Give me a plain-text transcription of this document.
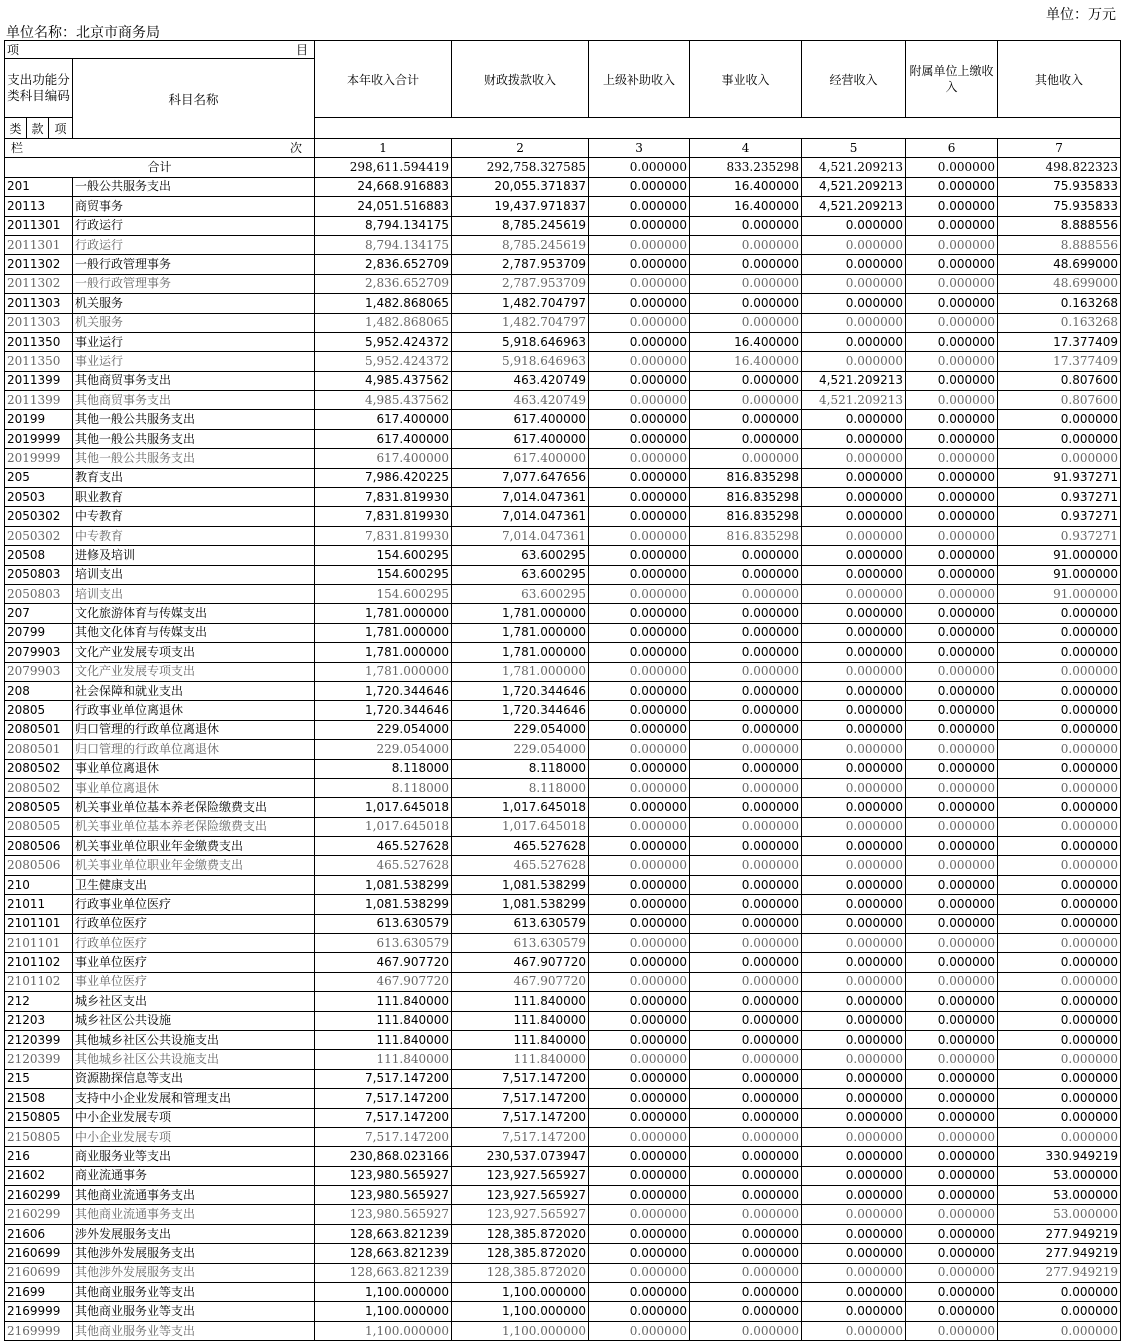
单位：万元
单位名称：北京市商务局
项 目				本年收入合计	财政拨款收入	上级补助收入	事业收入	经营收入	附属单位上缴收入	其他收入
支出功能分类科目编码			科目名称							
类	款	项								

栏 次				1	2	3	4	5	6	7
合计				298,611.594419	292,758.327585	0.000000	833.235298	4,521.209213	0.000000	498.822323
201			一般公共服务支出	24,668.916883	20,055.371837	0.000000	16.400000	4,521.209213	0.000000	75.935833
20113			商贸事务	24,051.516883	19,437.971837	0.000000	16.400000	4,521.209213	0.000000	75.935833
2011301			行政运行	8,794.134175	8,785.245619	0.000000	0.000000	0.000000	0.000000	8.888556
2011301			行政运行	8,794.134175	8,785.245619	0.000000	0.000000	0.000000	0.000000	8.888556
2011302			一般行政管理事务	2,836.652709	2,787.953709	0.000000	0.000000	0.000000	0.000000	48.699000
2011302			一般行政管理事务	2,836.652709	2,787.953709	0.000000	0.000000	0.000000	0.000000	48.699000
2011303			机关服务	1,482.868065	1,482.704797	0.000000	0.000000	0.000000	0.000000	0.163268
2011303			机关服务	1,482.868065	1,482.704797	0.000000	0.000000	0.000000	0.000000	0.163268
2011350			事业运行	5,952.424372	5,918.646963	0.000000	16.400000	0.000000	0.000000	17.377409
2011350			事业运行	5,952.424372	5,918.646963	0.000000	16.400000	0.000000	0.000000	17.377409
2011399			其他商贸事务支出	4,985.437562	463.420749	0.000000	0.000000	4,521.209213	0.000000	0.807600
2011399			其他商贸事务支出	4,985.437562	463.420749	0.000000	0.000000	4,521.209213	0.000000	0.807600
20199			其他一般公共服务支出	617.400000	617.400000	0.000000	0.000000	0.000000	0.000000	0.000000
2019999			其他一般公共服务支出	617.400000	617.400000	0.000000	0.000000	0.000000	0.000000	0.000000
2019999			其他一般公共服务支出	617.400000	617.400000	0.000000	0.000000	0.000000	0.000000	0.000000
205			教育支出	7,986.420225	7,077.647656	0.000000	816.835298	0.000000	0.000000	91.937271
20503			职业教育	7,831.819930	7,014.047361	0.000000	816.835298	0.000000	0.000000	0.937271
2050302			中专教育	7,831.819930	7,014.047361	0.000000	816.835298	0.000000	0.000000	0.937271
2050302			中专教育	7,831.819930	7,014.047361	0.000000	816.835298	0.000000	0.000000	0.937271
20508			进修及培训	154.600295	63.600295	0.000000	0.000000	0.000000	0.000000	91.000000
2050803			培训支出	154.600295	63.600295	0.000000	0.000000	0.000000	0.000000	91.000000
2050803			培训支出	154.600295	63.600295	0.000000	0.000000	0.000000	0.000000	91.000000
207			文化旅游体育与传媒支出	1,781.000000	1,781.000000	0.000000	0.000000	0.000000	0.000000	0.000000
20799			其他文化体育与传媒支出	1,781.000000	1,781.000000	0.000000	0.000000	0.000000	0.000000	0.000000
2079903			文化产业发展专项支出	1,781.000000	1,781.000000	0.000000	0.000000	0.000000	0.000000	0.000000
2079903			文化产业发展专项支出	1,781.000000	1,781.000000	0.000000	0.000000	0.000000	0.000000	0.000000
208			社会保障和就业支出	1,720.344646	1,720.344646	0.000000	0.000000	0.000000	0.000000	0.000000
20805			行政事业单位离退休	1,720.344646	1,720.344646	0.000000	0.000000	0.000000	0.000000	0.000000
2080501			归口管理的行政单位离退休	229.054000	229.054000	0.000000	0.000000	0.000000	0.000000	0.000000
2080501			归口管理的行政单位离退休	229.054000	229.054000	0.000000	0.000000	0.000000	0.000000	0.000000
2080502			事业单位离退休	8.118000	8.118000	0.000000	0.000000	0.000000	0.000000	0.000000
2080502			事业单位离退休	8.118000	8.118000	0.000000	0.000000	0.000000	0.000000	0.000000
2080505			机关事业单位基本养老保险缴费支出	1,017.645018	1,017.645018	0.000000	0.000000	0.000000	0.000000	0.000000
2080505			机关事业单位基本养老保险缴费支出	1,017.645018	1,017.645018	0.000000	0.000000	0.000000	0.000000	0.000000
2080506			机关事业单位职业年金缴费支出	465.527628	465.527628	0.000000	0.000000	0.000000	0.000000	0.000000
2080506			机关事业单位职业年金缴费支出	465.527628	465.527628	0.000000	0.000000	0.000000	0.000000	0.000000
210			卫生健康支出	1,081.538299	1,081.538299	0.000000	0.000000	0.000000	0.000000	0.000000
21011			行政事业单位医疗	1,081.538299	1,081.538299	0.000000	0.000000	0.000000	0.000000	0.000000
2101101			行政单位医疗	613.630579	613.630579	0.000000	0.000000	0.000000	0.000000	0.000000
2101101			行政单位医疗	613.630579	613.630579	0.000000	0.000000	0.000000	0.000000	0.000000
2101102			事业单位医疗	467.907720	467.907720	0.000000	0.000000	0.000000	0.000000	0.000000
2101102			事业单位医疗	467.907720	467.907720	0.000000	0.000000	0.000000	0.000000	0.000000
212			城乡社区支出	111.840000	111.840000	0.000000	0.000000	0.000000	0.000000	0.000000
21203			城乡社区公共设施	111.840000	111.840000	0.000000	0.000000	0.000000	0.000000	0.000000
2120399			其他城乡社区公共设施支出	111.840000	111.840000	0.000000	0.000000	0.000000	0.000000	0.000000
2120399			其他城乡社区公共设施支出	111.840000	111.840000	0.000000	0.000000	0.000000	0.000000	0.000000
215			资源勘探信息等支出	7,517.147200	7,517.147200	0.000000	0.000000	0.000000	0.000000	0.000000
21508			支持中小企业发展和管理支出	7,517.147200	7,517.147200	0.000000	0.000000	0.000000	0.000000	0.000000
2150805			中小企业发展专项	7,517.147200	7,517.147200	0.000000	0.000000	0.000000	0.000000	0.000000
2150805			中小企业发展专项	7,517.147200	7,517.147200	0.000000	0.000000	0.000000	0.000000	0.000000
216			商业服务业等支出	230,868.023166	230,537.073947	0.000000	0.000000	0.000000	0.000000	330.949219
21602			商业流通事务	123,980.565927	123,927.565927	0.000000	0.000000	0.000000	0.000000	53.000000
2160299			其他商业流通事务支出	123,980.565927	123,927.565927	0.000000	0.000000	0.000000	0.000000	53.000000
2160299			其他商业流通事务支出	123,980.565927	123,927.565927	0.000000	0.000000	0.000000	0.000000	53.000000
21606			涉外发展服务支出	128,663.821239	128,385.872020	0.000000	0.000000	0.000000	0.000000	277.949219
2160699			其他涉外发展服务支出	128,663.821239	128,385.872020	0.000000	0.000000	0.000000	0.000000	277.949219
2160699			其他涉外发展服务支出	128,663.821239	128,385.872020	0.000000	0.000000	0.000000	0.000000	277.949219
21699			其他商业服务业等支出	1,100.000000	1,100.000000	0.000000	0.000000	0.000000	0.000000	0.000000
2169999			其他商业服务业等支出	1,100.000000	1,100.000000	0.000000	0.000000	0.000000	0.000000	0.000000
2169999			其他商业服务业等支出	1,100.000000	1,100.000000	0.000000	0.000000	0.000000	0.000000	0.000000
